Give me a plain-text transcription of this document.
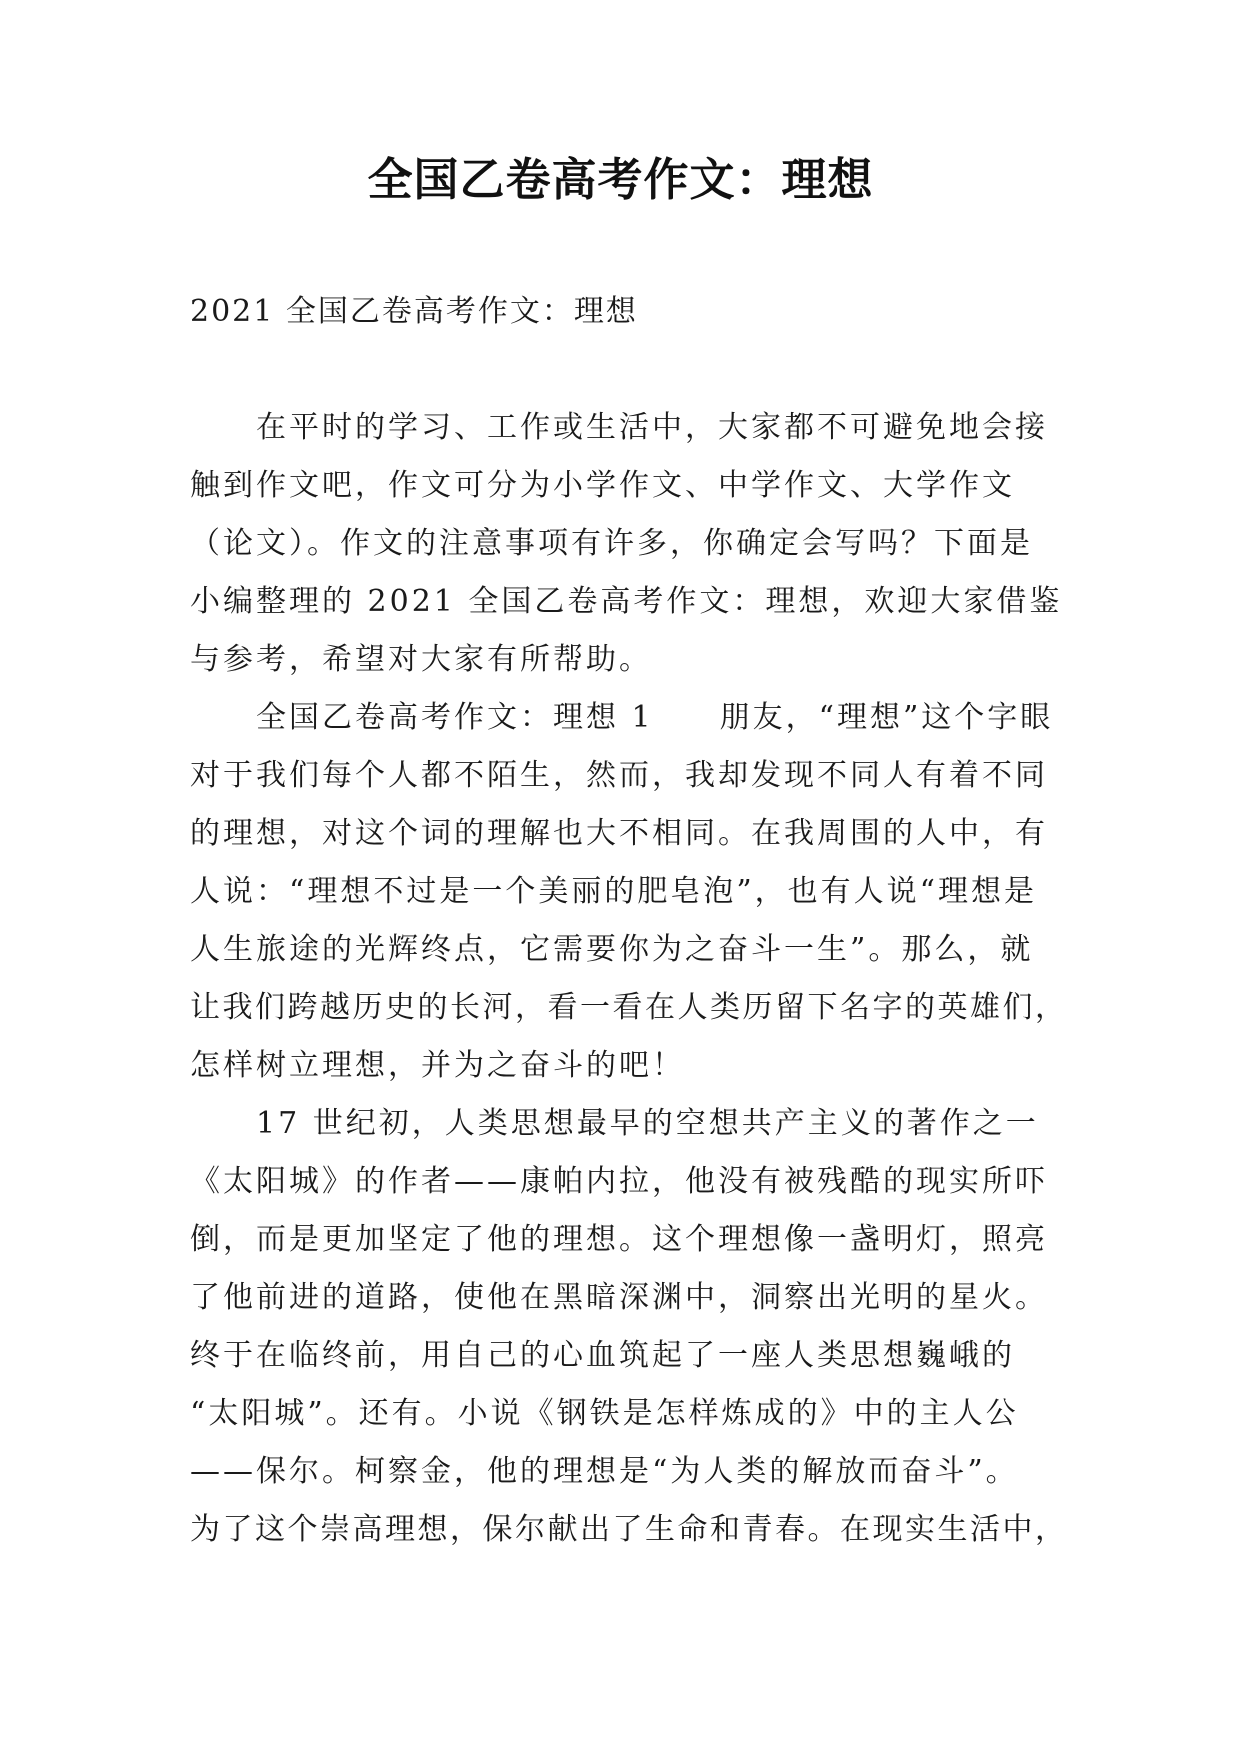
全国乙卷高考作文：理想

2021 全国乙卷高考作文：理想

　　在平时的学习、工作或生活中，大家都不可避免地会接
触到作文吧，作文可分为小学作文、中学作文、大学作文
（论文）。作文的注意事项有许多，你确定会写吗？下面是
小编整理的 2021 全国乙卷高考作文：理想，欢迎大家借鉴
与参考，希望对大家有所帮助。
　　全国乙卷高考作文：理想 1　　朋友，“理想”这个字眼
对于我们每个人都不陌生，然而，我却发现不同人有着不同
的理想，对这个词的理解也大不相同。在我周围的人中，有
人说：“理想不过是一个美丽的肥皂泡”，也有人说“理想是
人生旅途的光辉终点，它需要你为之奋斗一生”。那么，就
让我们跨越历史的长河，看一看在人类历留下名字的英雄们，
怎样树立理想，并为之奋斗的吧！
　　17 世纪初，人类思想最早的空想共产主义的著作之一
《太阳城》的作者——康帕内拉，他没有被残酷的现实所吓
倒，而是更加坚定了他的理想。这个理想像一盏明灯，照亮
了他前进的道路，使他在黑暗深渊中，洞察出光明的星火。
终于在临终前，用自己的心血筑起了一座人类思想巍峨的
“太阳城”。还有。小说《钢铁是怎样炼成的》中的主人公
——保尔。柯察金，他的理想是“为人类的解放而奋斗”。
为了这个崇高理想，保尔献出了生命和青春。在现实生活中，
